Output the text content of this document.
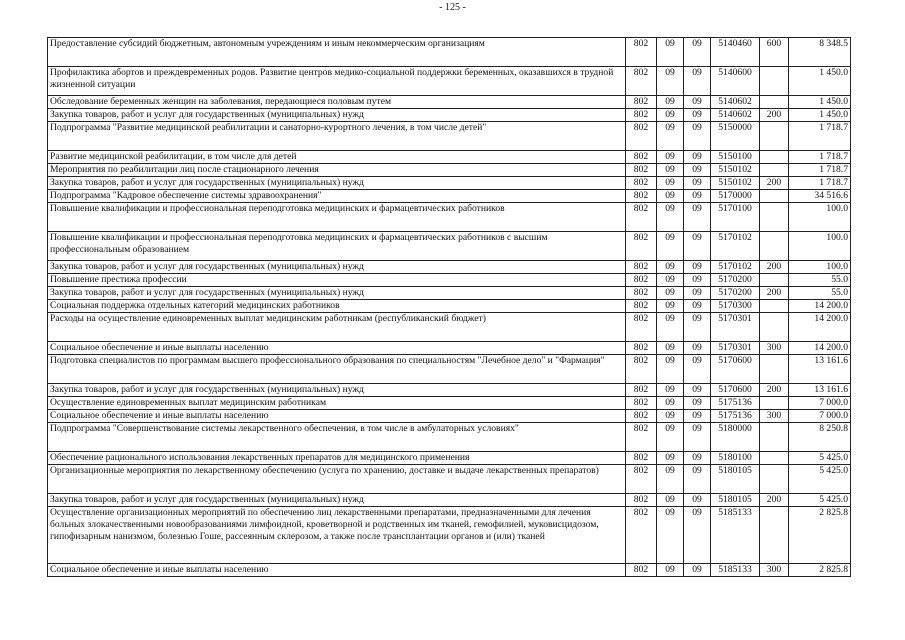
- 125 -
Предоставление субсидий бюджетным, автономным учреждениям и иным некоммерческим организациям	802	09	09	5140460	600	8 348.5
Профилактика абортов и преждевременных родов. Развитие центров медико-социальной поддержки беременных, оказавшихся в трудной жизненной ситуации	802	09	09	5140600		1 450.0
Обследование беременных женщин на заболевания, передающиеся половым путем	802	09	09	5140602		1 450.0
Закупка товаров, работ и услуг для государственных (муниципальных) нужд	802	09	09	5140602	200	1 450.0
Подпрограмма "Развитие медицинской реабилитации и санаторно-курортного лечения, в том числе детей"	802	09	09	5150000		1 718.7
Развитие медицинской реабилитации, в том числе для детей	802	09	09	5150100		1 718.7
Мероприятия по реабилитации лиц после стационарного лечения	802	09	09	5150102		1 718.7
Закупка товаров, работ и услуг для государственных (муниципальных) нужд	802	09	09	5150102	200	1 718.7
Подпрограмма "Кадровое обеспечение системы здравоохранения"	802	09	09	5170000		34 516.6
Повышение квалификации и профессиональная переподготовка медицинских и фармацевтических работников	802	09	09	5170100		100.0
Повышение квалификации и профессиональная переподготовка медицинских и фармацевтических работников с высшим профессиональным образованием	802	09	09	5170102		100.0
Закупка товаров, работ и услуг для государственных (муниципальных) нужд	802	09	09	5170102	200	100.0
Повышение престижа профессии	802	09	09	5170200		55.0
Закупка товаров, работ и услуг для государственных (муниципальных) нужд	802	09	09	5170200	200	55.0
Социальная поддержка отдельных категорий медицинских работников	802	09	09	5170300		14 200.0
Расходы на осуществление единовременных выплат медицинским работникам (республиканский бюджет)	802	09	09	5170301		14 200.0
Социальное обеспечение и иные выплаты населению	802	09	09	5170301	300	14 200.0
Подготовка специалистов по программам высшего профессионального образования по специальностям "Лечебное дело" и "Фармация"	802	09	09	5170600		13 161.6
Закупка товаров, работ и услуг для государственных (муниципальных) нужд	802	09	09	5170600	200	13 161.6
Осуществление единовременных выплат медицинским работникам	802	09	09	5175136		7 000.0
Социальное обеспечение и иные выплаты населению	802	09	09	5175136	300	7 000.0
Подпрограмма "Совершенствование системы лекарственного обеспечения, в том числе в амбулаторных условиях"	802	09	09	5180000		8 250.8
Обеспечение рационального использования лекарственных препаратов для медицинского применения	802	09	09	5180100		5 425.0
Организационные мероприятия по лекарственному обеспечению (услуга по хранению, доставке и выдаче лекарственных препаратов)	802	09	09	5180105		5 425.0
Закупка товаров, работ и услуг для государственных (муниципальных) нужд	802	09	09	5180105	200	5 425.0
Осуществление организационных мероприятий по обеспечению лиц лекарственными препаратами, предназначенными для лечения больных злокачественными новообразованиями лимфоидной, кроветворной и родственных им тканей, гемофилией, муковисцидозом, гипофизарным нанизмом, болезнью Гоше, рассеянным склерозом, а также после трансплантации органов и (или) тканей	802	09	09	5185133		2 825.8
Социальное обеспечение и иные выплаты населению	802	09	09	5185133	300	2 825.8
